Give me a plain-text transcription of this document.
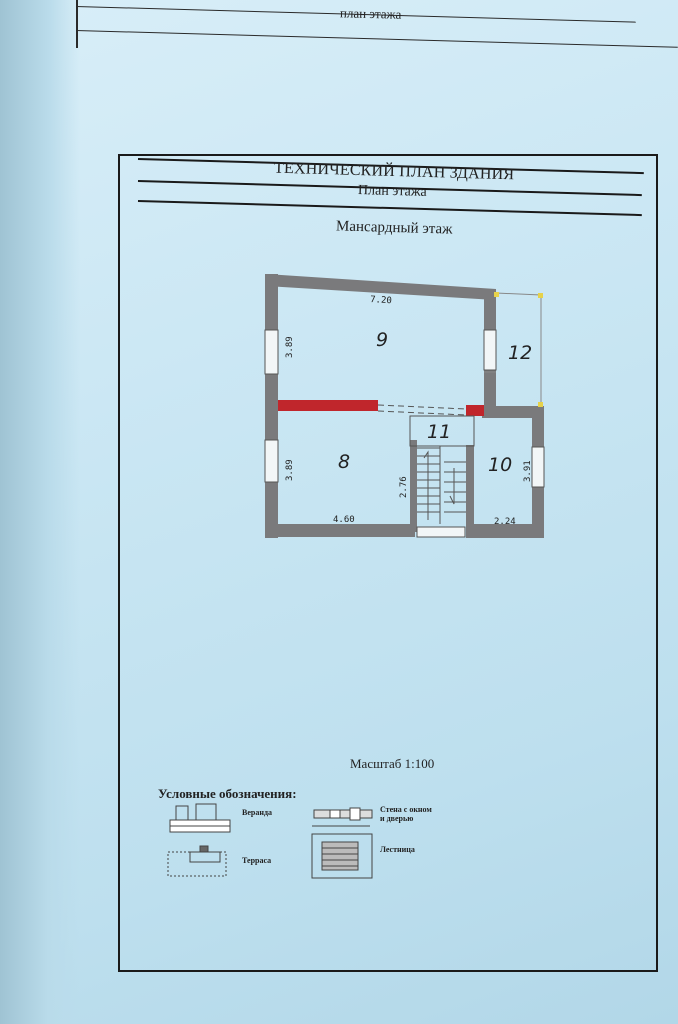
план этажа
ТЕХНИЧЕСКИЙ ПЛАН ЗДАНИЯ
План этажа
Мансардный этаж
9
12
11
8	10
7.20
3.89
3.89
4.60
2.76
3.91
2.24
Масштаб 1:100
Условные обозначения:
Веранда
Терраса
Стена с окном
и дверью
Лестница
